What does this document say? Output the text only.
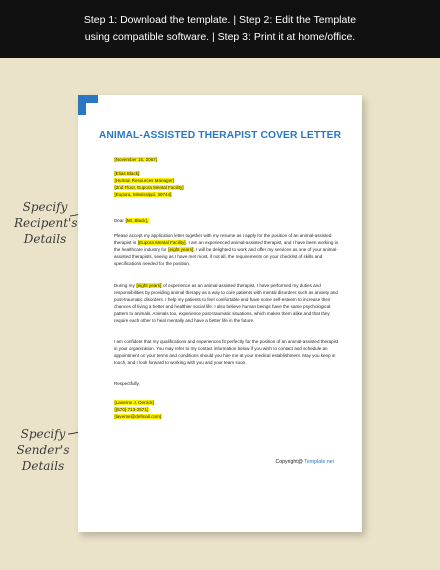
Step 1: Download the template. | Step 2: Edit the Template
using compatible software. | Step 3: Print it at home/office.
Specify
Recipent's
Details
Specify
Sender's
Details
ANIMAL-ASSISTED THERAPIST COVER LETTER
[November 15, 2067]
[Elias Black]
[Human Resources Manager]
[2nd Floor, Eupora Mental Facility]
[Eupora, Mississippi, 39744]
Dear [Mr. Black],
Please accept my application letter together with my resume as I apply for the position of an animal-assisted therapist in [Eupora Mental Facility]. I am an experienced animal-assisted therapist, and I have been working in the healthcare industry for [eight years]. I will be delighted to work and offer my services as one of your animal-assisted therapists, seeing as I have met most, if not all, the requirements on your checklist of skills and specifications needed for the position.
During my [eight years] of experience as an animal-assisted therapist, I have performed my duties and responsibilities by providing animal therapy as a way to cure patients with mental disorders such as anxiety and post-traumatic disorders. I help my patients to feel comfortable and have some self-esteem to increase their chances of living a better and healthier social life. I also believe human beings have the same psychological pattern to animals. Animals too, experience post-traumatic situations, which makes them alike and that they require each other to heal mentally and have a better life in the future.
I am confident that my qualifications and experiences fit perfectly for the position of an animal-assisted therapist in your organization. You may refer to my contact information below if you wish to contact and schedule an appointment on your terms and conditions should you hire me at your medical establishment. May you keep in touch, and I look forward to working with you and your team soon.
Respectfully,
[Laverne J. Derrick]
[(570) 713-2571]
[laverne@defmail.com]
Copyright@ Template.net
